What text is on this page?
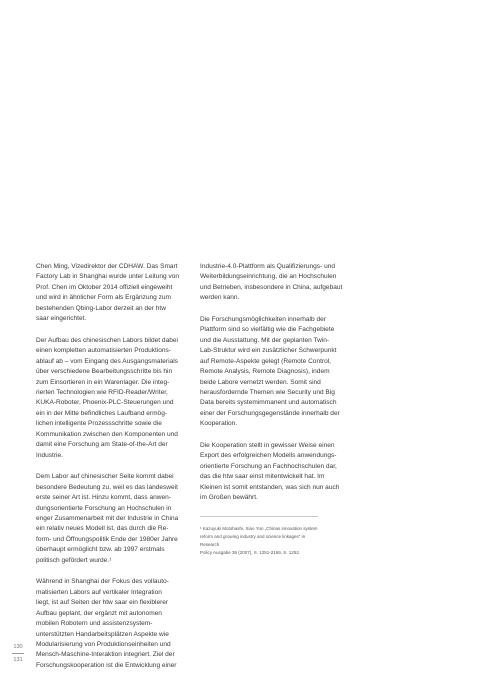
Chen Ming, Vizedirektor der CDHAW. Das Smart
Factory Lab in Shanghai wurde unter Leitung von
Prof. Chen im Oktober 2014 offiziell eingeweiht
und wird in ähnlicher Form als Ergänzung zum
bestehenden Qbing-Labor derzeit an der htw
saar eingerichtet.

Der Aufbau des chinesischen Labors bildet dabei
einen kompletten automatisierten Produktions-
ablauf ab – vom Eingang des Ausgangsmaterials
über verschiedene Bearbeitungsschritte bis hin
zum Einsortieren in ein Warenlager. Die integ-
rierten Technologien wie RFID-Reader/Writer,
KUKA-Roboter, Phoenix-PLC-Steuerungen und
ein in der Mitte befindliches Laufband ermög-
lichen intelligente Prozessschritte sowie die
Kommunikation zwischen den Komponenten und
damit eine Forschung am State-of-the-Art der
Industrie.

Dem Labor auf chinesischer Seite kommt dabei
besondere Bedeutung zu, weil es das landesweit
erste seiner Art ist. Hinzu kommt, dass anwen-
dungsorientierte Forschung an Hochschulen in
enger Zusammenarbeit mit der Industrie in China
ein relativ neues Modell ist, das durch die Re-
form- und Öffnungspolitik Ende der 1980er Jahre
überhaupt ermöglicht bzw. ab 1997 erstmals
politisch gefördert wurde.¹

Während in Shanghai der Fokus des vollauto-
matisierten Labors auf vertikaler Integration
liegt, ist auf Seiten der htw saar ein flexiblerer
Aufbau geplant, der ergänzt mit autonomen
mobilen Robotern und assistenzsystem-
unterstützten Handarbeitsplätzen Aspekte wie
Modularisierung von Produktionseinheiten und
Mensch-Maschine-Interaktion integriert. Ziel der
Forschungskooperation ist die Entwicklung einer

Industrie-4.0-Plattform als Qualifizierungs- und
Weiterbildungseinrichtung, die an Hochschulen
und Betrieben, insbesondere in China, aufgebaut
werden kann.

Die Forschungsmöglichkeiten innerhalb der
Plattform sind so vielfältig wie die Fachgebiete
und die Ausstattung. Mit der geplanten Twin-
Lab-Struktur wird ein zusätzlicher Schwerpunkt
auf Remote-Aspekte gelegt (Remote Control,
Remote Analysis, Remote Diagnosis), indem
beide Labore vernetzt werden. Somit sind
herausfordernde Themen wie Security und Big
Data bereits systemimmanent und automatisch
einer der Forschungsgegenstände innerhalb der
Kooperation.

Die Kooperation stellt in gewisser Weise einen
Export des erfolgreichen Modells anwendungs-
orientierte Forschung an Fachhochschulen dar,
das die htw saar einst mitentwickelt hat. Im
Kleinen ist somit entstanden, was sich nun auch
im Großen bewährt.

¹ Kazuyuki Motohashi, Xiao Yun „Chinas innovation system
reform and growing industry and science linkages" in Research
Policy Ausgabe 36 (2007), S. 1251-2169, S. 1252.
130
131
